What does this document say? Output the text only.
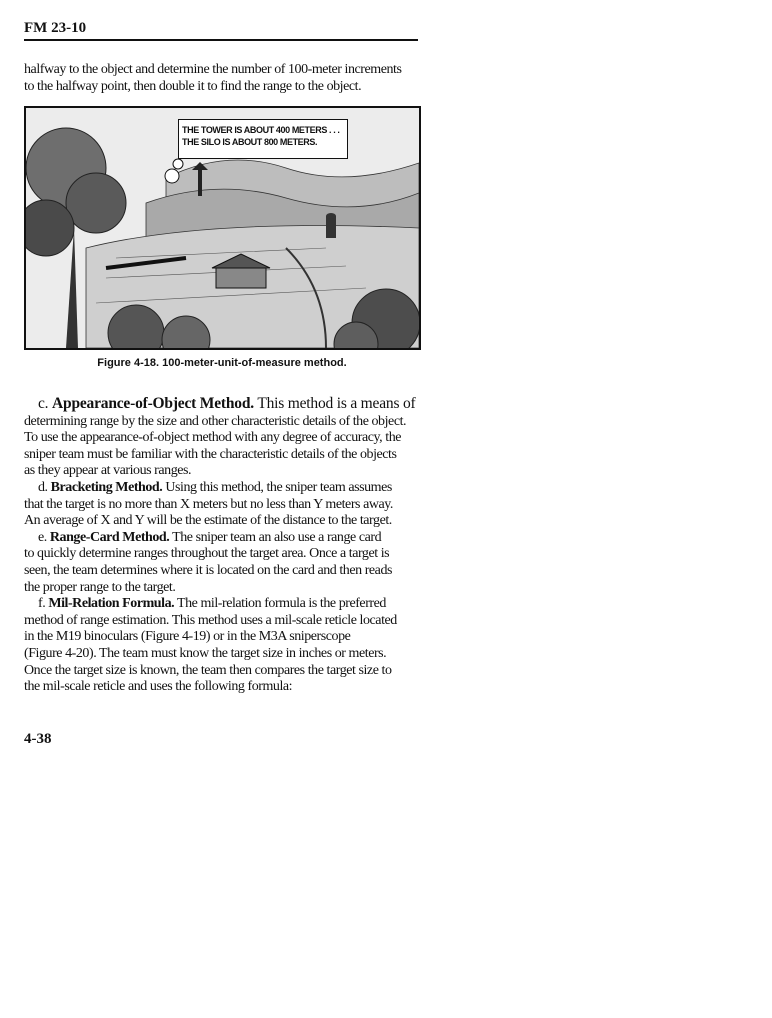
FM 23-10
halfway to the object and determine the number of 100-meter increments
to the halfway point, then double it to find the range to the object.
THE TOWER IS ABOUT 400 METERS . . .
THE SILO IS ABOUT 800 METERS.
Figure 4-18. 100-meter-unit-of-measure method.
c. Appearance-of-Object Method. This method is a means of
determining range by the size and other characteristic details of the object.
To use the appearance-of-object method with any degree of accuracy, the
sniper team must be familiar with the characteristic details of the objects
as they appear at various ranges.
d. Bracketing Method. Using this method, the sniper team assumes
that the target is no more than X meters but no less than Y meters away.
An average of X and Y will be the estimate of the distance to the target.
e. Range-Card Method. The sniper team an also use a range card
to quickly determine ranges throughout the target area. Once a target is
seen, the team determines where it is located on the card and then reads
the proper range to the target.
f. Mil-Relation Formula. The mil-relation formula is the preferred
method of range estimation. This method uses a mil-scale reticle located
in the M19 binoculars (Figure 4-19) or in the M3A sniperscope
(Figure 4-20). The team must know the target size in inches or meters.
Once the target size is known, the team then compares the target size to
the mil-scale reticle and uses the following formula:
4-38
